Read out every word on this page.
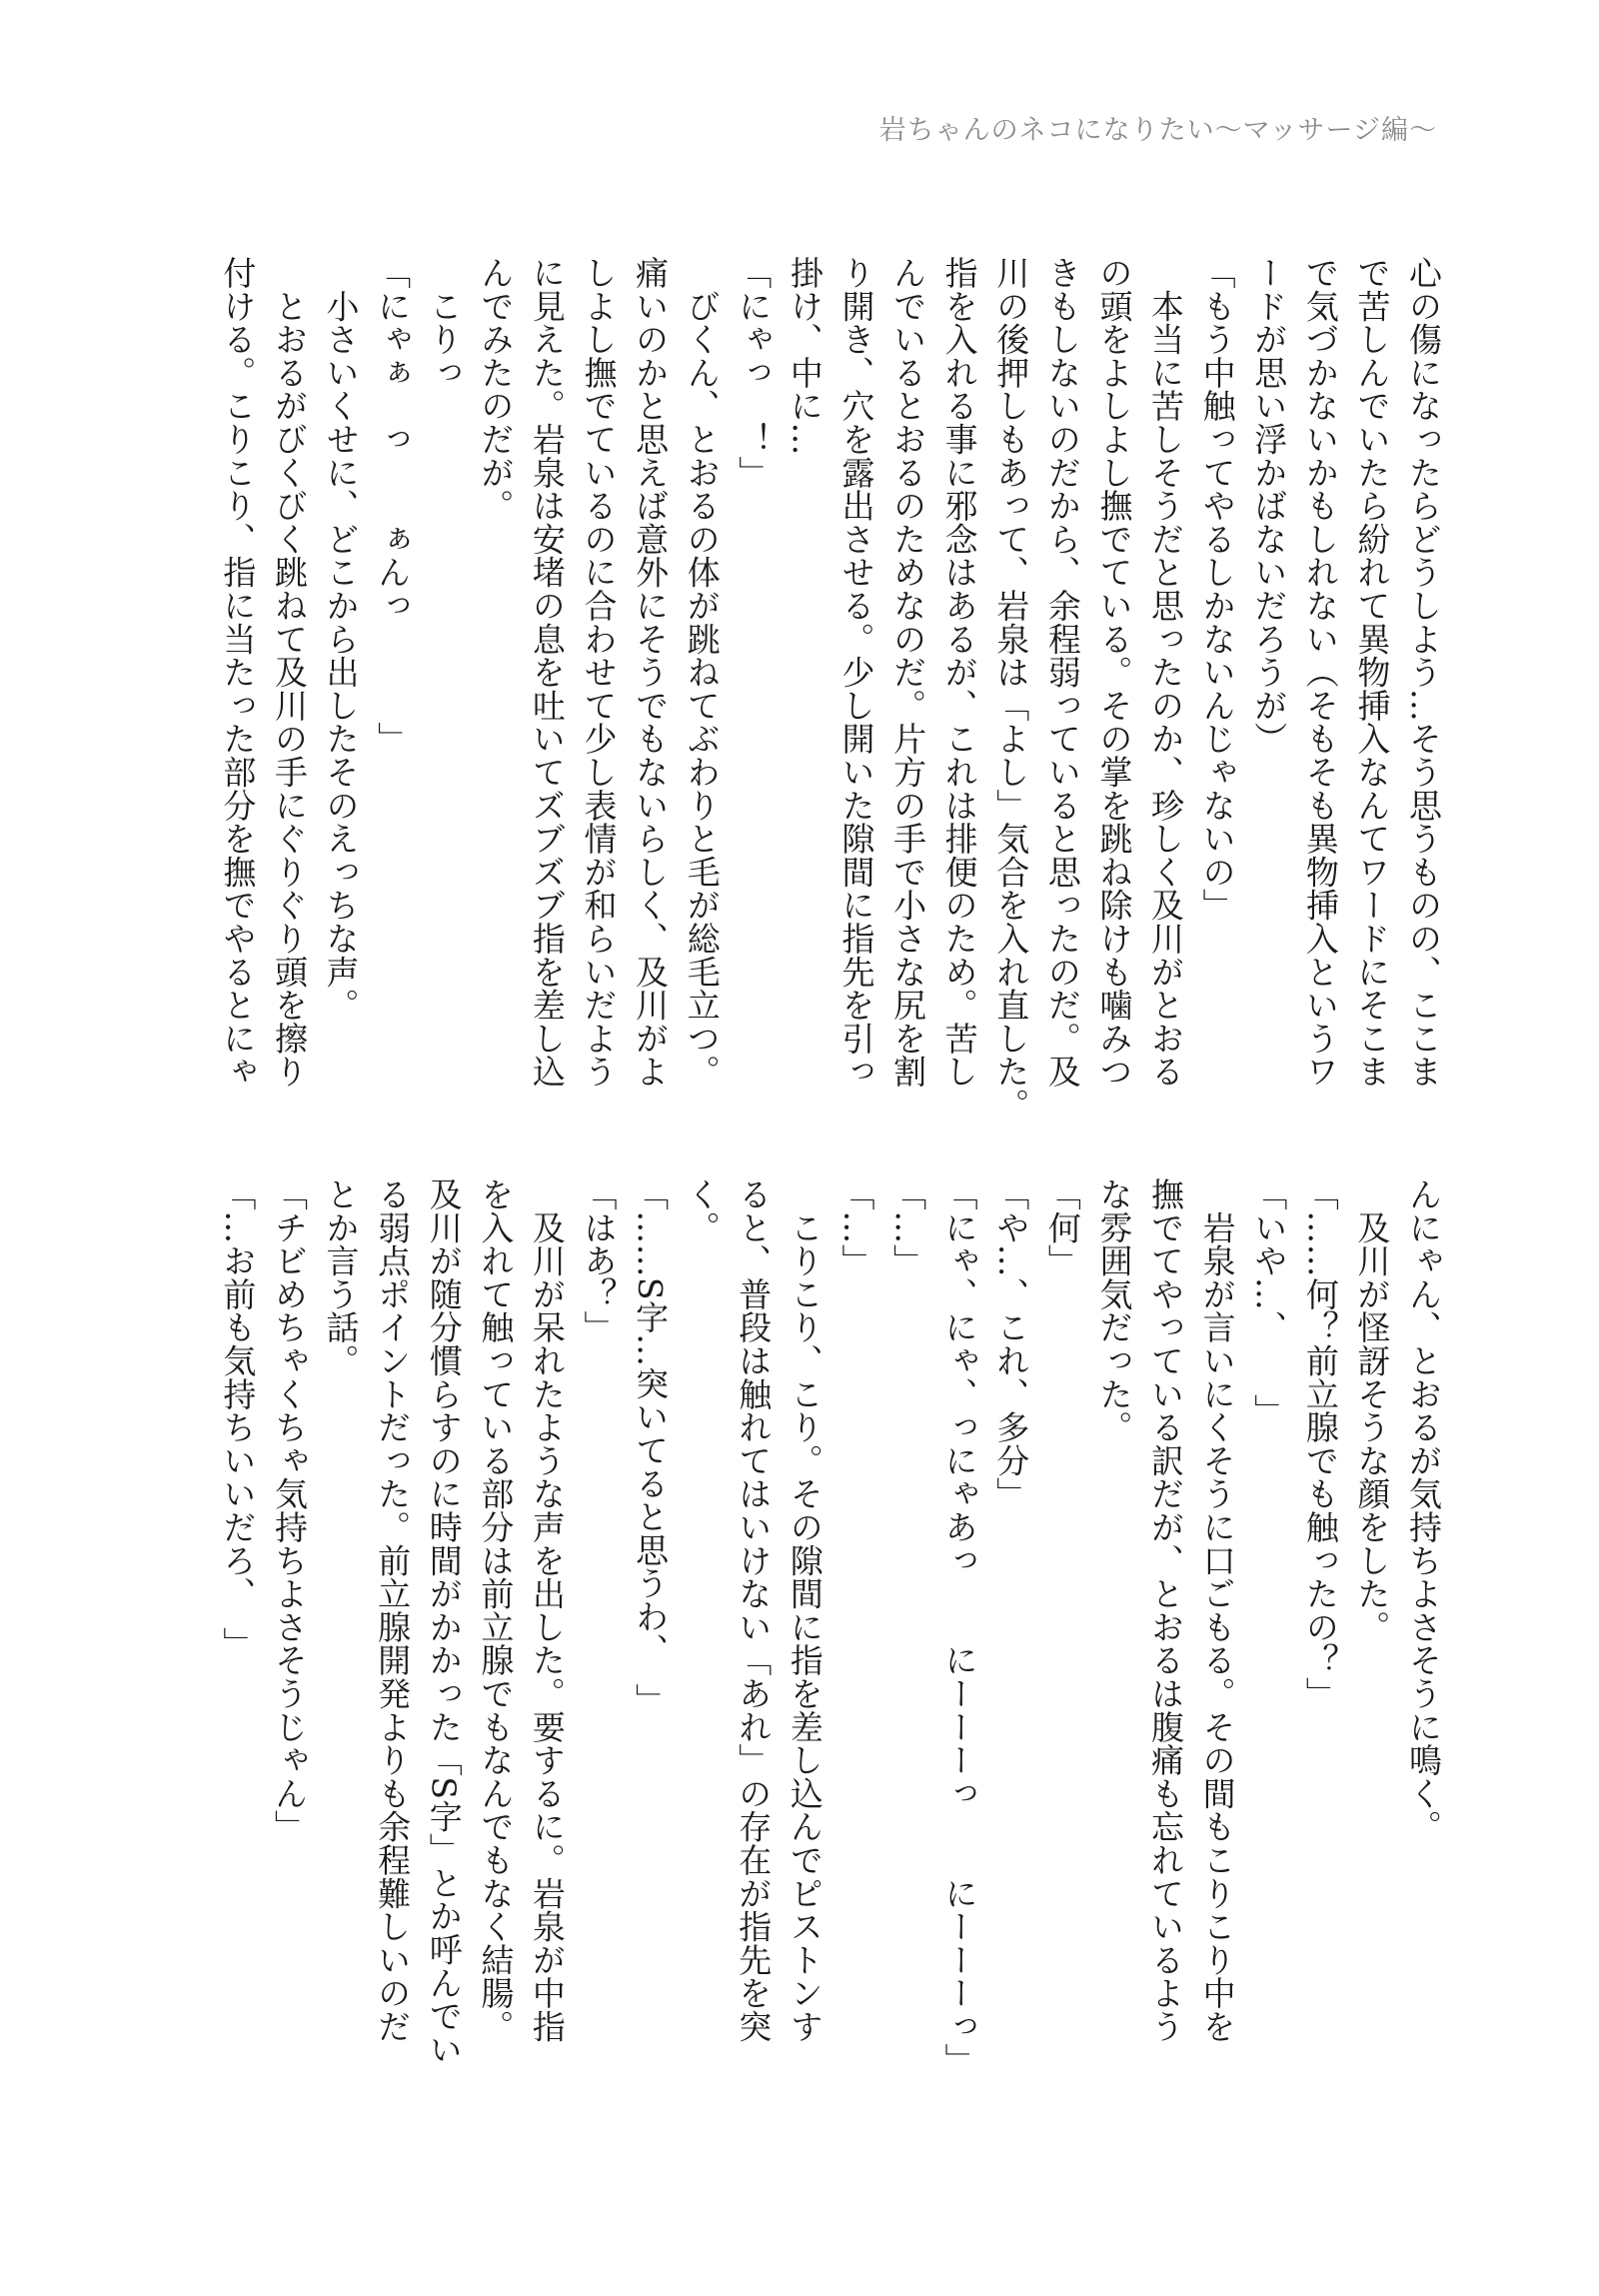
岩ちゃんのネコになりたい〜マッサージ編〜
心の傷になったらどうしよう…そう思うものの、ここま
で苦しんでいたら紛れて異物挿入なんてワードにそこま
で気づかないかもしれない（そもそも異物挿入というワ
ードが思い浮かばないだろうが）
「もう中触ってやるしかないんじゃないの」
　本当に苦しそうだと思ったのか、珍しく及川がとおる
の頭をよしよし撫でている。その掌を跳ね除けも噛みつ
きもしないのだから、余程弱っていると思ったのだ。及
川の後押しもあって、岩泉は「よし」気合を入れ直した。
指を入れる事に邪念はあるが、これは排便のため。苦し
んでいるとおるのためなのだ。片方の手で小さな尻を割
り開き、穴を露出させる。少し開いた隙間に指先を引っ
掛け、中に…
「にゃっ　！」
　びくん、とおるの体が跳ねてぶわりと毛が総毛立つ。
痛いのかと思えば意外にそうでもないらしく、及川がよ
しよし撫でているのに合わせて少し表情が和らいだよう
に見えた。岩泉は安堵の息を吐いてズブズブ指を差し込
んでみたのだが。
　こりっ
「にゃぁ　っ　　ぁんっ　　　」
　小さいくせに、どこから出したそのえっちな声。
　とおるがびくびく跳ねて及川の手にぐりぐり頭を擦り
付ける。こりこり、指に当たった部分を撫でやるとにゃ
んにゃん、とおるが気持ちよさそうに鳴く。
　及川が怪訝そうな顔をした。
「……何？前立腺でも触ったの？」
「いや…、　　」
　岩泉が言いにくそうに口ごもる。その間もこりこり中を
撫でてやっている訳だが、とおるは腹痛も忘れているよう
な雰囲気だった。
「何」
「や…、これ、多分」
「にゃ、にゃ、っにゃあっ　　にーーーっ　　にーーーっ」
「…」
「…」
　こりこり、こり。その隙間に指を差し込んでピストンす
ると、普段は触れてはいけない「あれ」の存在が指先を突
く。
「……S字…突いてると思うわ、　」
「はあ？」
　及川が呆れたような声を出した。要するに。岩泉が中指
を入れて触っている部分は前立腺でもなんでもなく結腸。
及川が随分慣らすのに時間がかかった「S字」とか呼んでい
る弱点ポイントだった。前立腺開発よりも余程難しいのだ
とか言う話。
「チビめちゃくちゃ気持ちよさそうじゃん」
「…お前も気持ちいいだろ、　」
